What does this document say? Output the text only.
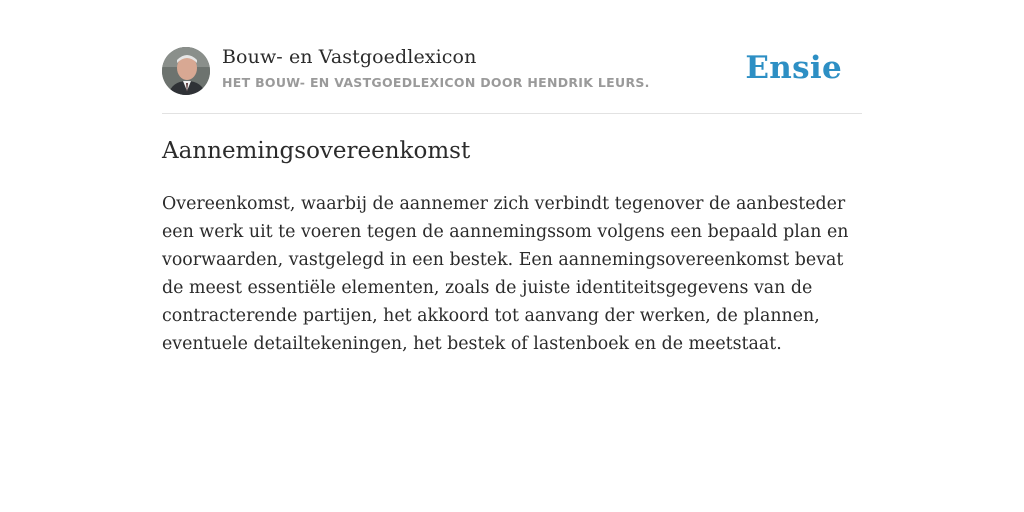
Bouw- en Vastgoedlexicon
HET BOUW- EN VASTGOEDLEXICON DOOR HENDRIK LEURS.	Ensie
Aannemingsovereenkomst

Overeenkomst, waarbij de aannemer zich verbindt tegenover de aanbesteder een werk uit te voeren tegen de aannemingssom volgens een bepaald plan en voorwaarden, vastgelegd in een bestek. Een aannemingsovereenkomst bevat de meest essentiële elementen, zoals de juiste identiteitsgegevens van de contracterende partijen, het akkoord tot aanvang der werken, de plannen, eventuele detailtekeningen, het bestek of lastenboek en de meetstaat.
